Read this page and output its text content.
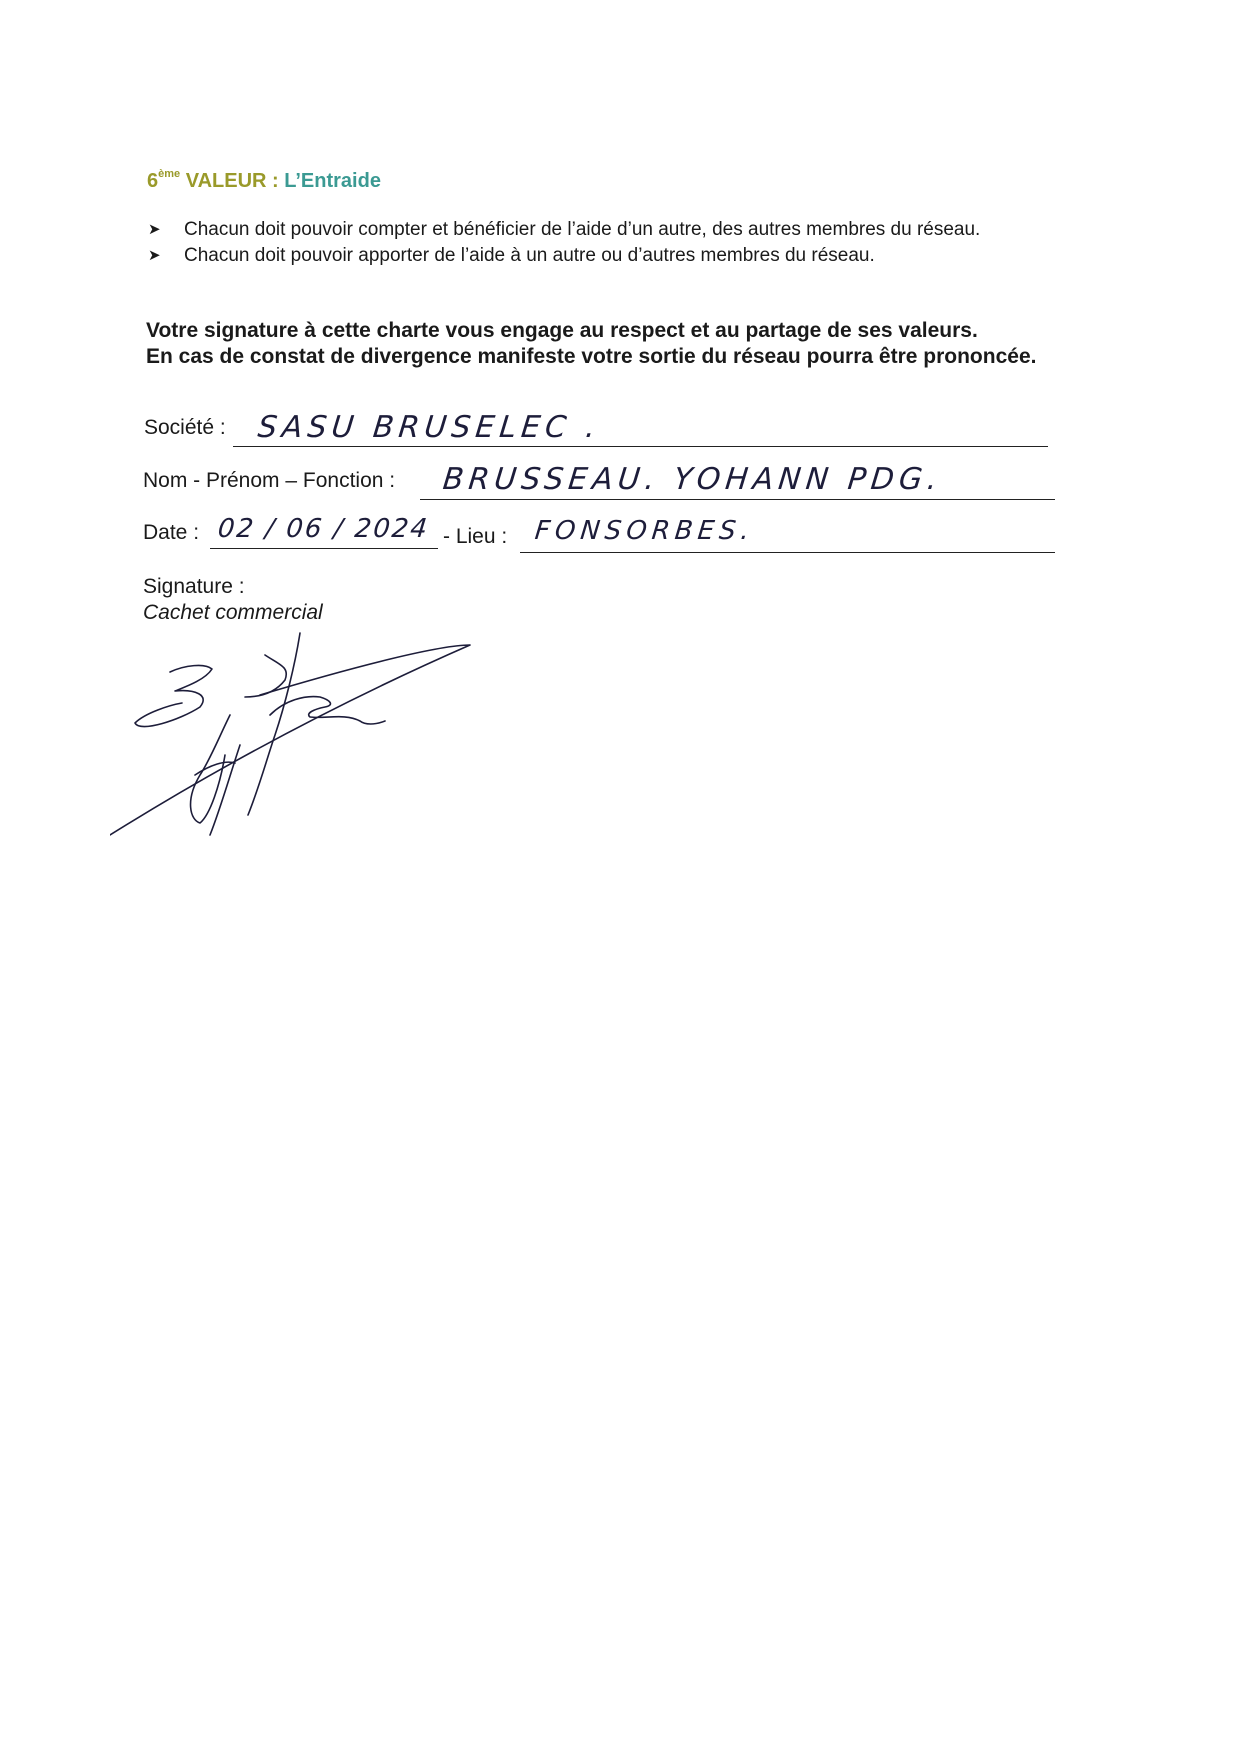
6ème VALEUR : L’Entraide
➤	Chacun doit pouvoir compter et bénéficier de l’aide d’un autre, des autres membres du réseau.
➤	Chacun doit pouvoir apporter de l’aide à un autre ou d’autres membres du réseau.
Votre signature à cette charte vous engage au respect et au partage de ses valeurs.
En cas de constat de divergence manifeste votre sortie du réseau pourra être prononcée.
Société : SASU BRUSELEC .
Nom - Prénom – Fonction : BRUSSEAU. YOHANN PDG.
Date : 02 / 06 / 2024 - Lieu : FONSORBES.
Signature :
Cachet commercial
